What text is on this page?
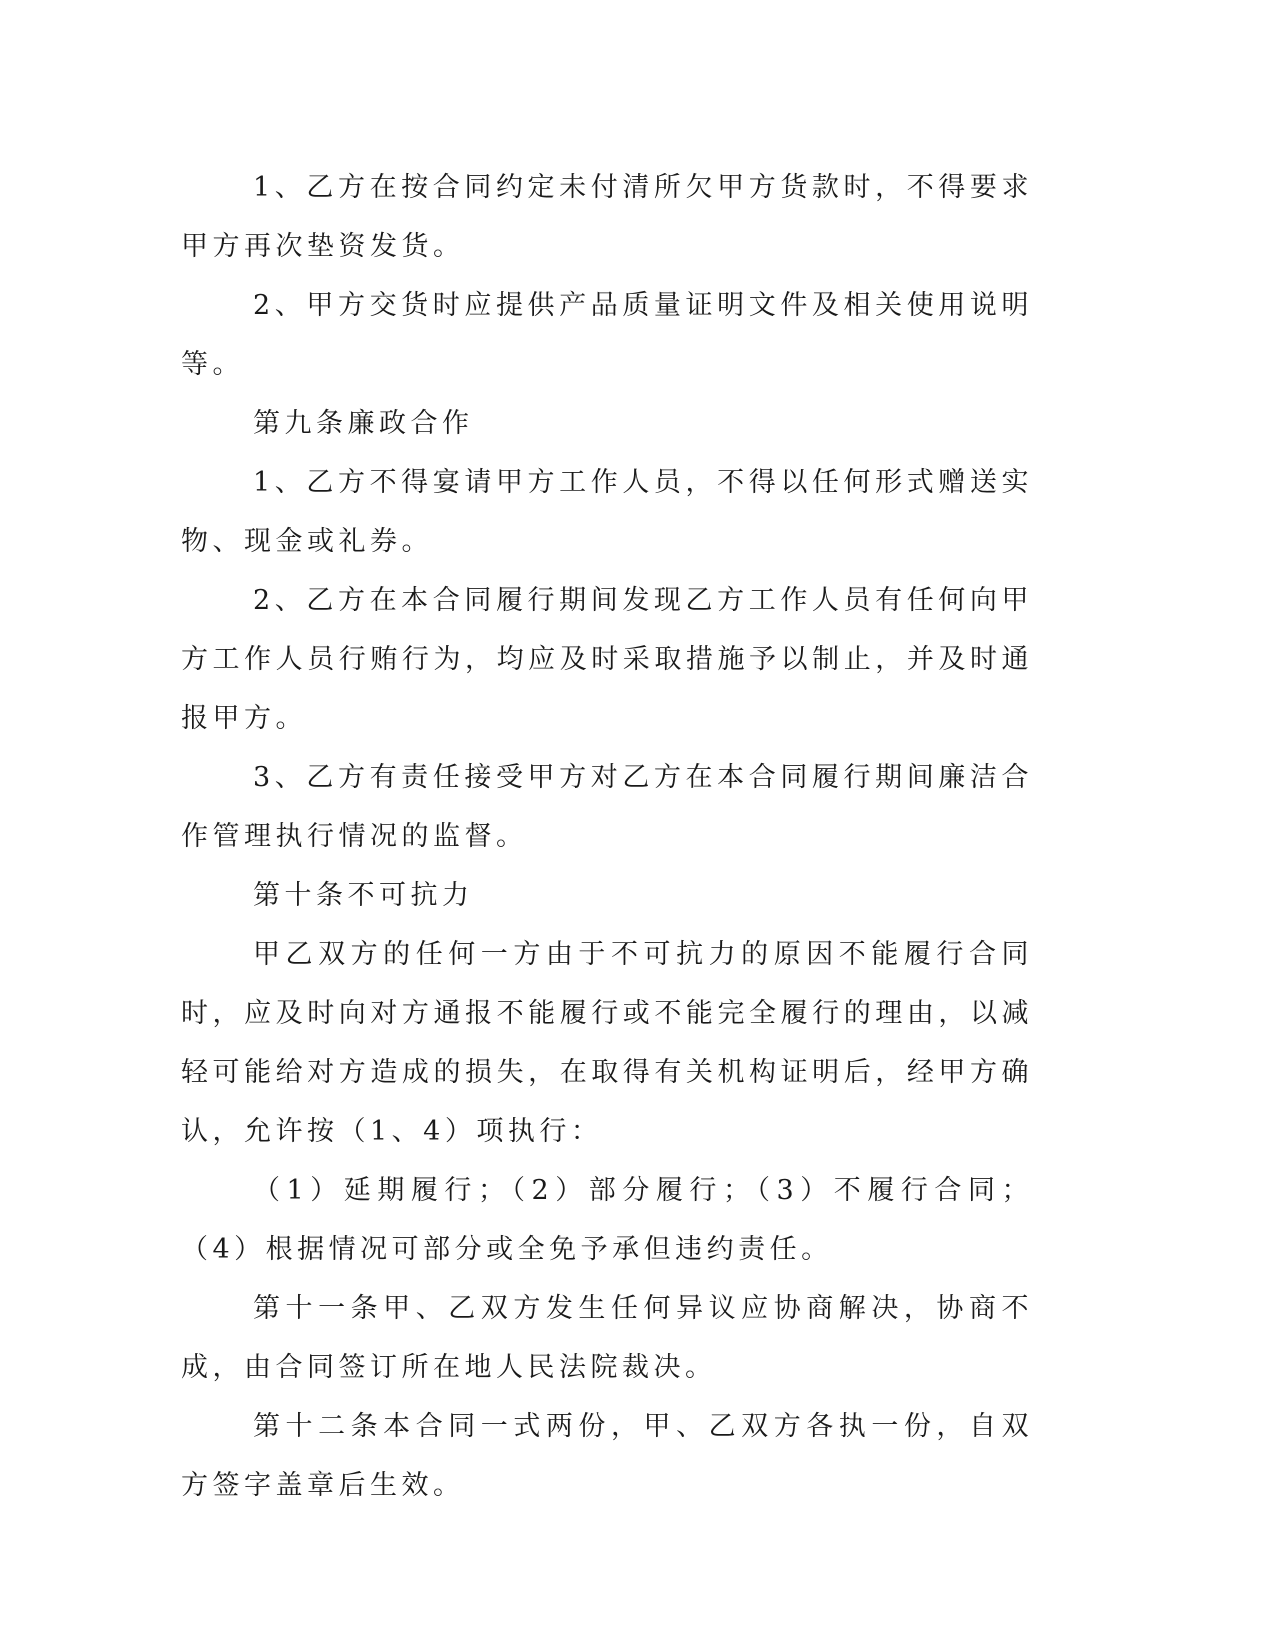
1、乙方在按合同约定未付清所欠甲方货款时，不得要求甲方再次垫资发货。

2、甲方交货时应提供产品质量证明文件及相关使用说明等。

第九条廉政合作

1、乙方不得宴请甲方工作人员，不得以任何形式赠送实物、现金或礼券。

2、乙方在本合同履行期间发现乙方工作人员有任何向甲方工作人员行贿行为，均应及时采取措施予以制止，并及时通报甲方。

3、乙方有责任接受甲方对乙方在本合同履行期间廉洁合作管理执行情况的监督。

第十条不可抗力

甲乙双方的任何一方由于不可抗力的原因不能履行合同时，应及时向对方通报不能履行或不能完全履行的理由，以减轻可能给对方造成的损失，在取得有关机构证明后，经甲方确认，允许按（1、4）项执行：

（1）延期履行；（2）部分履行；（3）不履行合同；（4）根据情况可部分或全免予承但违约责任。

第十一条甲、乙双方发生任何异议应协商解决，协商不成，由合同签订所在地人民法院裁决。

第十二条本合同一式两份，甲、乙双方各执一份，自双方签字盖章后生效。
